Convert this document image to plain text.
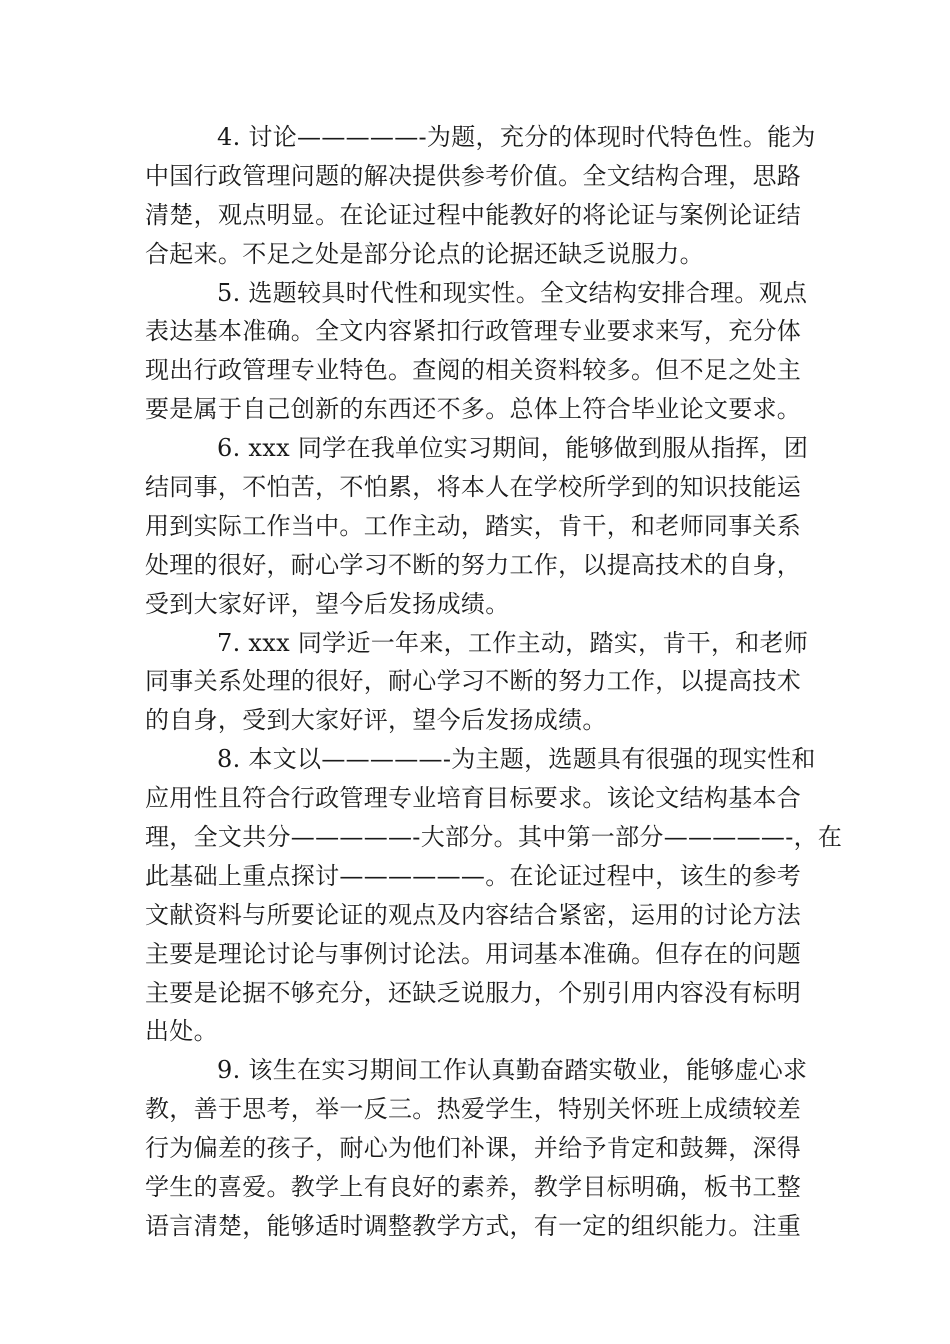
4. 讨论—————-为题，充分的体现时代特色性。能为
中国行政管理问题的解决提供参考价值。全文结构合理，思路
清楚，观点明显。在论证过程中能教好的将论证与案例论证结
合起来。不足之处是部分论点的论据还缺乏说服力。
5. 选题较具时代性和现实性。全文结构安排合理。观点
表达基本准确。全文内容紧扣行政管理专业要求来写，充分体
现出行政管理专业特色。查阅的相关资料较多。但不足之处主
要是属于自己创新的东西还不多。总体上符合毕业论文要求。
6. xxx 同学在我单位实习期间，能够做到服从指挥，团
结同事，不怕苦，不怕累，将本人在学校所学到的知识技能运
用到实际工作当中。工作主动，踏实，肯干，和老师同事关系
处理的很好，耐心学习不断的努力工作，以提高技术的自身，
受到大家好评，望今后发扬成绩。
7. xxx 同学近一年来，工作主动，踏实，肯干，和老师
同事关系处理的很好，耐心学习不断的努力工作，以提高技术
的自身，受到大家好评，望今后发扬成绩。
8. 本文以—————-为主题，选题具有很强的现实性和
应用性且符合行政管理专业培育目标要求。该论文结构基本合
理，全文共分—————-大部分。其中第一部分—————-，在
此基础上重点探讨——————。在论证过程中，该生的参考
文献资料与所要论证的观点及内容结合紧密，运用的讨论方法
主要是理论讨论与事例讨论法。用词基本准确。但存在的问题
主要是论据不够充分，还缺乏说服力，个别引用内容没有标明
出处。
9. 该生在实习期间工作认真勤奋踏实敬业，能够虚心求
教，善于思考，举一反三。热爱学生，特别关怀班上成绩较差
行为偏差的孩子，耐心为他们补课，并给予肯定和鼓舞，深得
学生的喜爱。教学上有良好的素养，教学目标明确，板书工整
语言清楚，能够适时调整教学方式，有一定的组织能力。注重
